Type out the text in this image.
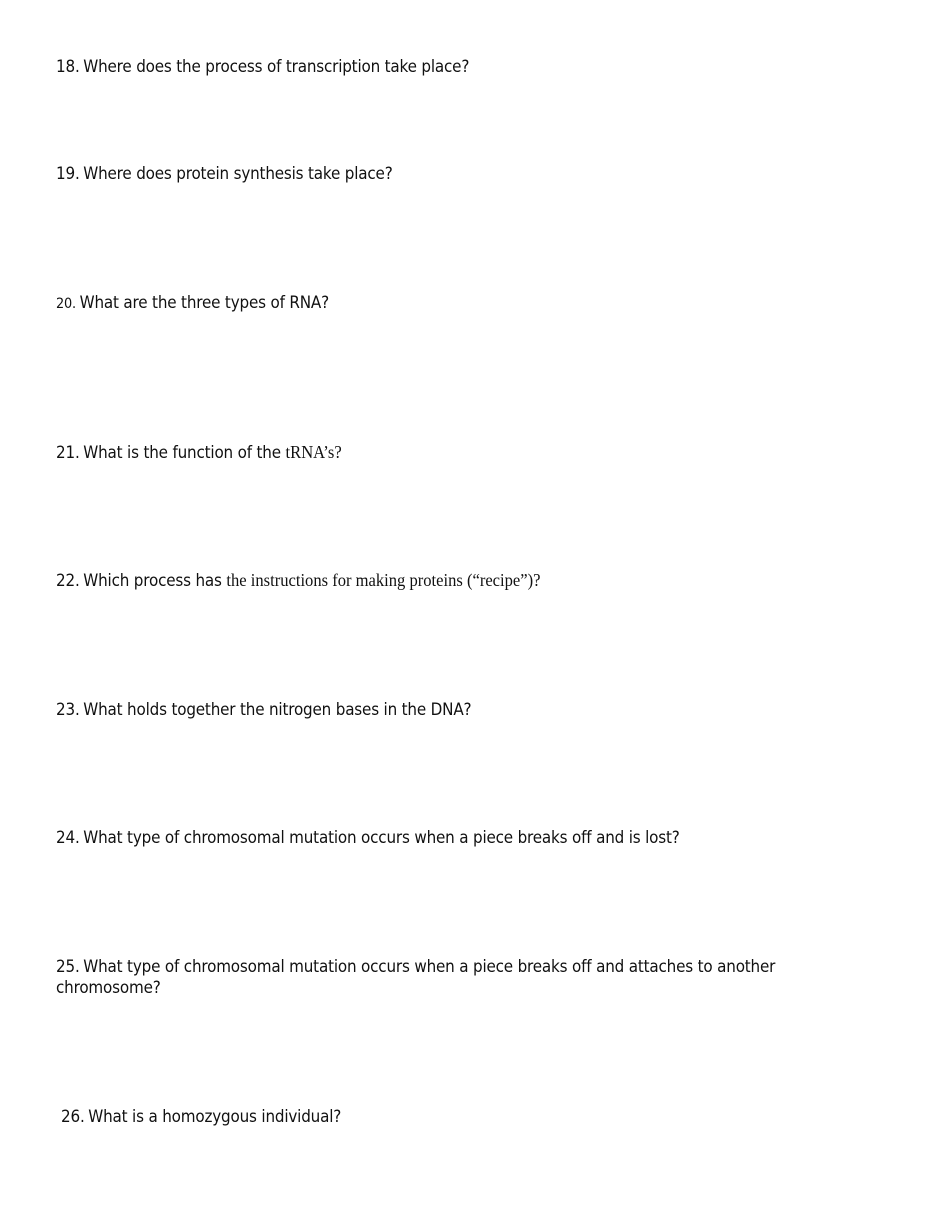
18. Where does the process of transcription take place?
19. Where does protein synthesis take place?
20. What are the three types of RNA?
21. What is the function of the tRNA’s?
22. Which process has the instructions for making proteins (“recipe”)?
23. What holds together the nitrogen bases in the DNA?
24. What type of chromosomal mutation occurs when a piece breaks off and is lost?
25. What type of chromosomal mutation occurs when a piece breaks off and attaches to another chromosome?
26. What is a homozygous individual?
